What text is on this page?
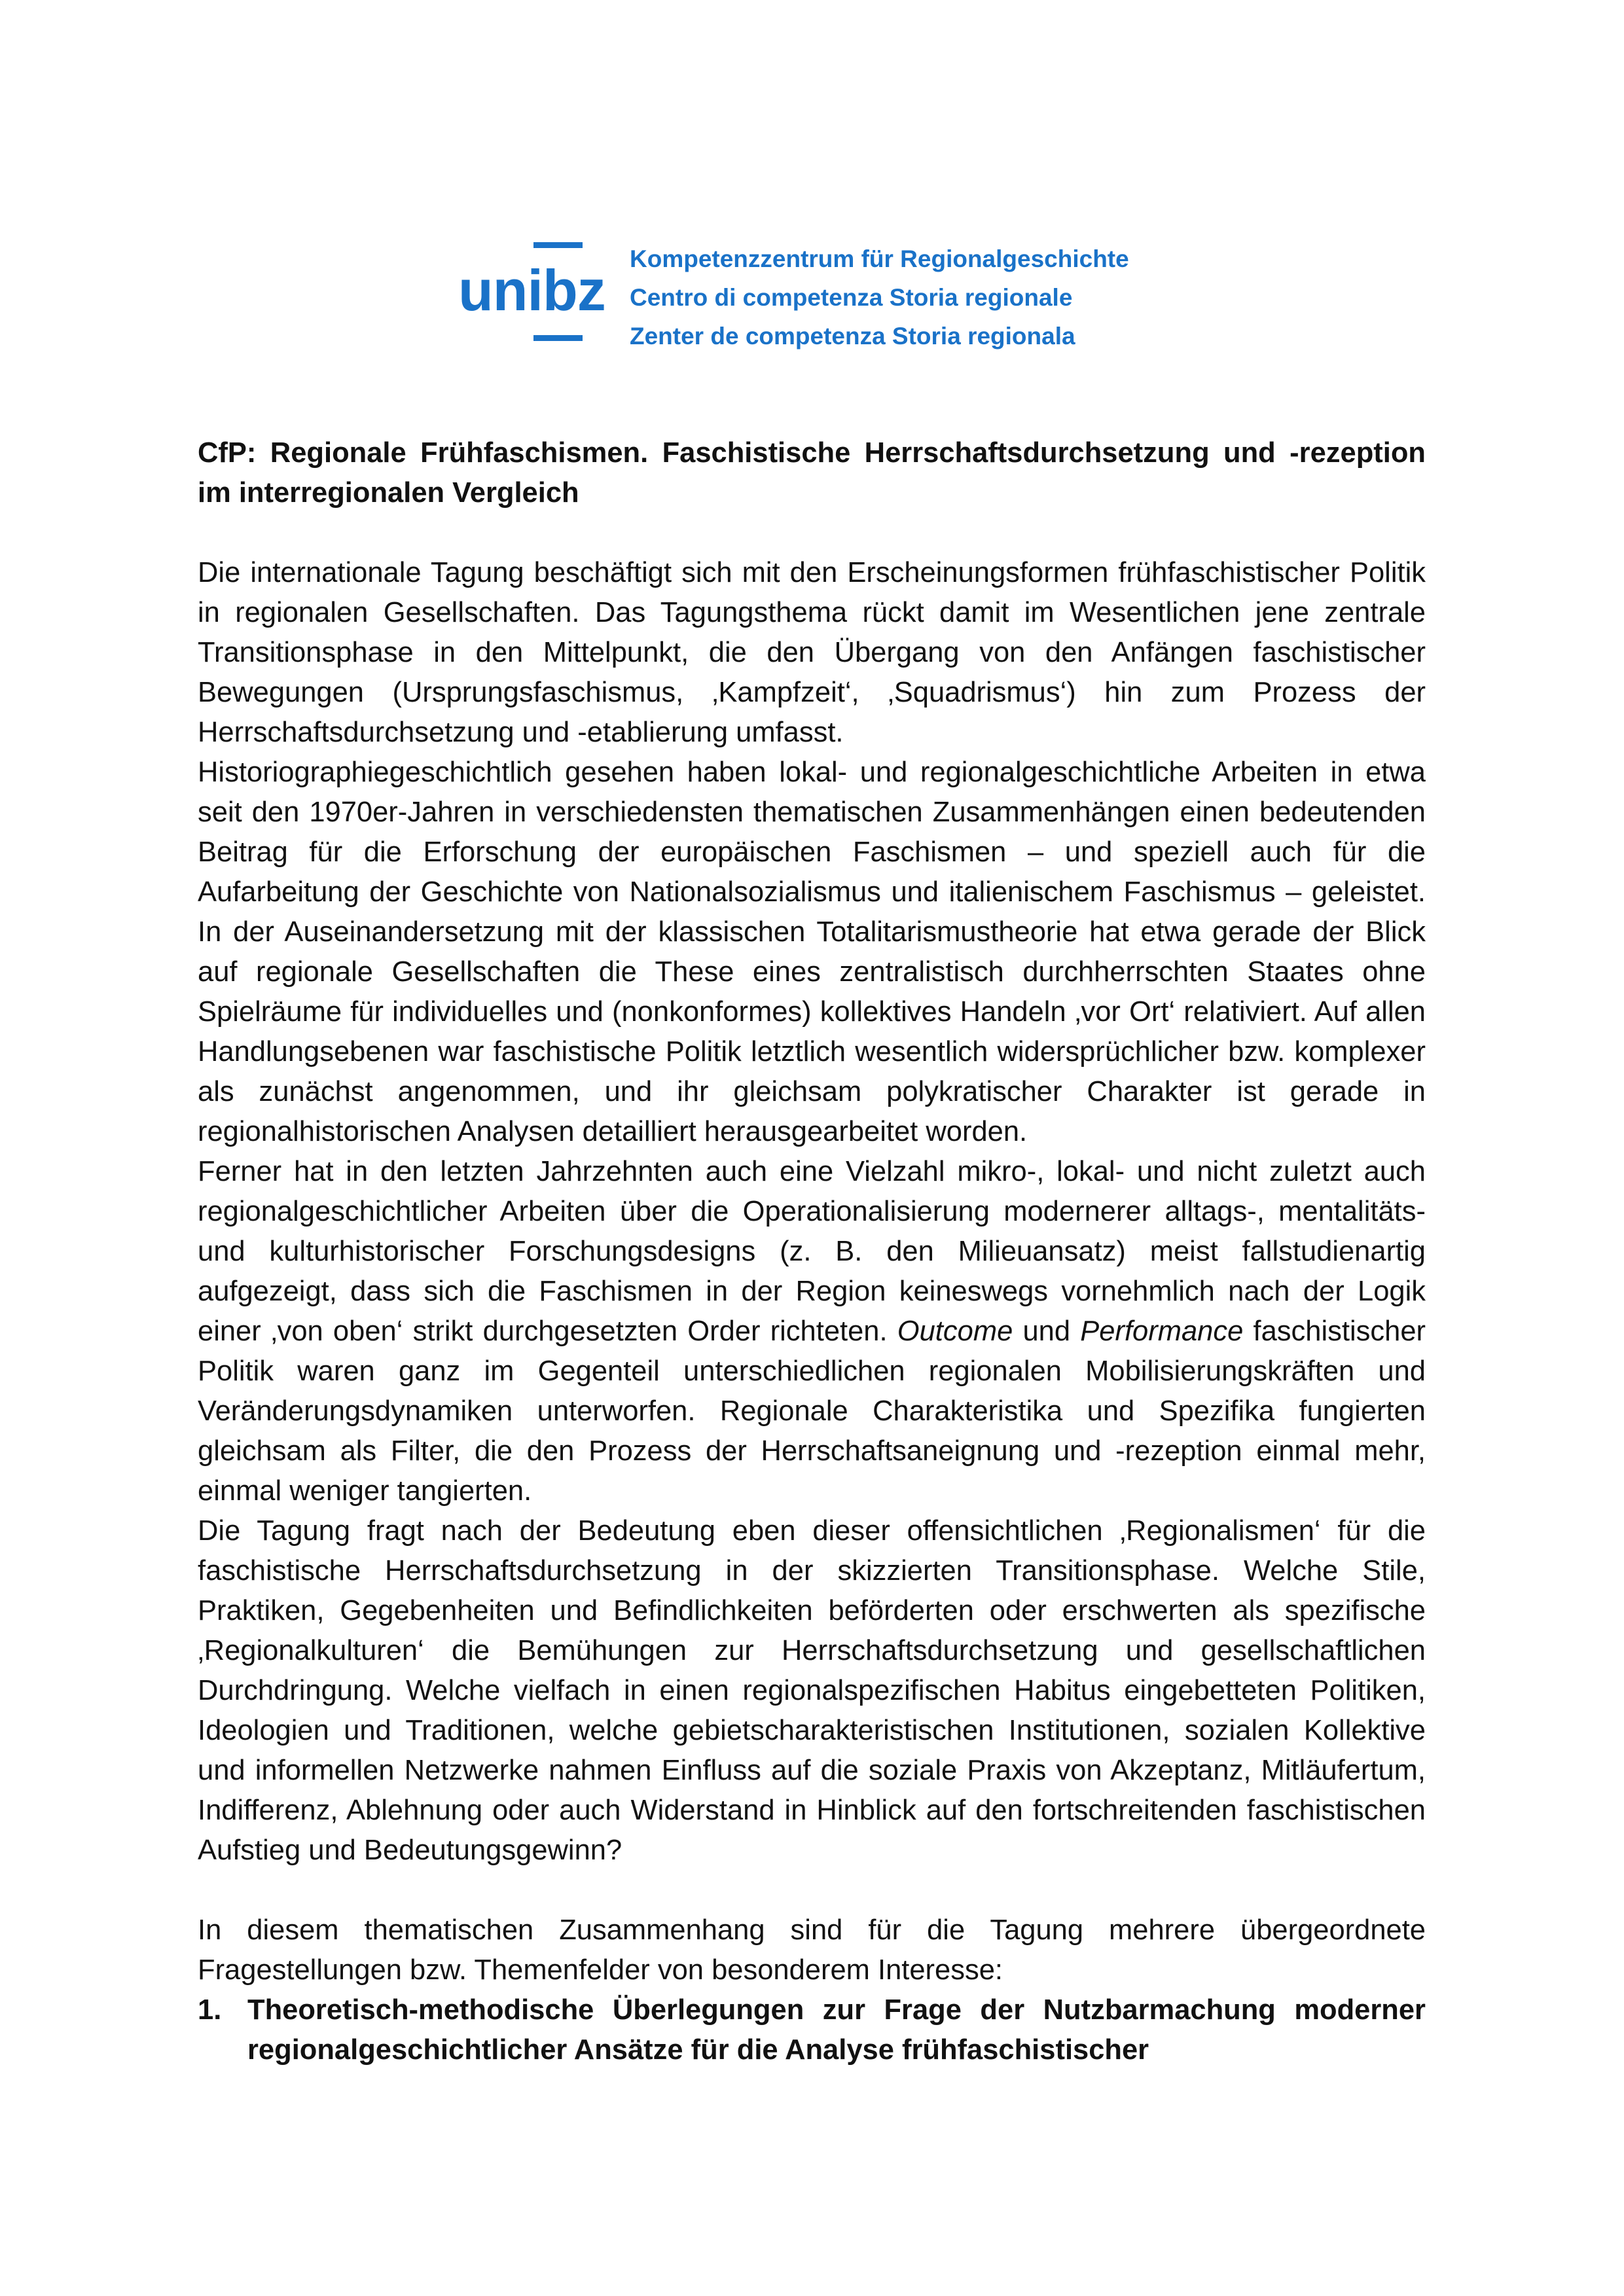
unibz Kompetenzzentrum für Regionalgeschichte
Centro di competenza Storia regionale
Zenter de competenza Storia regionala

CfP: Regionale Frühfaschismen. Faschistische Herrschaftsdurchsetzung und -rezeption im interregionalen Vergleich

Die internationale Tagung beschäftigt sich mit den Erscheinungsformen frühfaschistischer Politik in regionalen Gesellschaften. Das Tagungsthema rückt damit im Wesentlichen jene zentrale Transitionsphase in den Mittelpunkt, die den Übergang von den Anfängen faschistischer Bewegungen (Ursprungsfaschismus, ‚Kampfzeit‘, ‚Squadrismus‘) hin zum Prozess der Herrschaftsdurchsetzung und -etablierung umfasst.

Historiographiegeschichtlich gesehen haben lokal- und regionalgeschichtliche Arbeiten in etwa seit den 1970er-Jahren in verschiedensten thematischen Zusammenhängen einen bedeutenden Beitrag für die Erforschung der europäischen Faschismen – und speziell auch für die Aufarbeitung der Geschichte von Nationalsozialismus und italienischem Faschismus – geleistet. In der Auseinandersetzung mit der klassischen Totalitarismustheorie hat etwa gerade der Blick auf regionale Gesellschaften die These eines zentralistisch durchherrschten Staates ohne Spielräume für individuelles und (nonkonformes) kollektives Handeln ‚vor Ort‘ relativiert. Auf allen Handlungsebenen war faschistische Politik letztlich wesentlich widersprüchlicher bzw. komplexer als zunächst angenommen, und ihr gleichsam polykratischer Charakter ist gerade in regionalhistorischen Analysen detailliert herausgearbeitet worden.

Ferner hat in den letzten Jahrzehnten auch eine Vielzahl mikro-, lokal- und nicht zuletzt auch regionalgeschichtlicher Arbeiten über die Operationalisierung modernerer alltags-, mentalitäts- und kulturhistorischer Forschungsdesigns (z. B. den Milieuansatz) meist fallstudienartig aufgezeigt, dass sich die Faschismen in der Region keineswegs vornehmlich nach der Logik einer ‚von oben‘ strikt durchgesetzten Order richteten. Outcome und Performance faschistischer Politik waren ganz im Gegenteil unterschiedlichen regionalen Mobilisierungskräften und Veränderungsdynamiken unterworfen. Regionale Charakteristika und Spezifika fungierten gleichsam als Filter, die den Prozess der Herrschaftsaneignung und -rezeption einmal mehr, einmal weniger tangierten.

Die Tagung fragt nach der Bedeutung eben dieser offensichtlichen ‚Regionalismen‘ für die faschistische Herrschaftsdurchsetzung in der skizzierten Transitionsphase. Welche Stile, Praktiken, Gegebenheiten und Befindlichkeiten beförderten oder erschwerten als spezifische ‚Regionalkulturen‘ die Bemühungen zur Herrschaftsdurchsetzung und gesellschaftlichen Durchdringung. Welche vielfach in einen regionalspezifischen Habitus eingebetteten Politiken, Ideologien und Traditionen, welche gebietscharakteristischen Institutionen, sozialen Kollektive und informellen Netzwerke nahmen Einfluss auf die soziale Praxis von Akzeptanz, Mitläufertum, Indifferenz, Ablehnung oder auch Widerstand in Hinblick auf den fortschreitenden faschistischen Aufstieg und Bedeutungsgewinn?

In diesem thematischen Zusammenhang sind für die Tagung mehrere übergeordnete Fragestellungen bzw. Themenfelder von besonderem Interesse:

1. Theoretisch-methodische Überlegungen zur Frage der Nutzbarmachung moderner regionalgeschichtlicher Ansätze für die Analyse frühfaschistischer
